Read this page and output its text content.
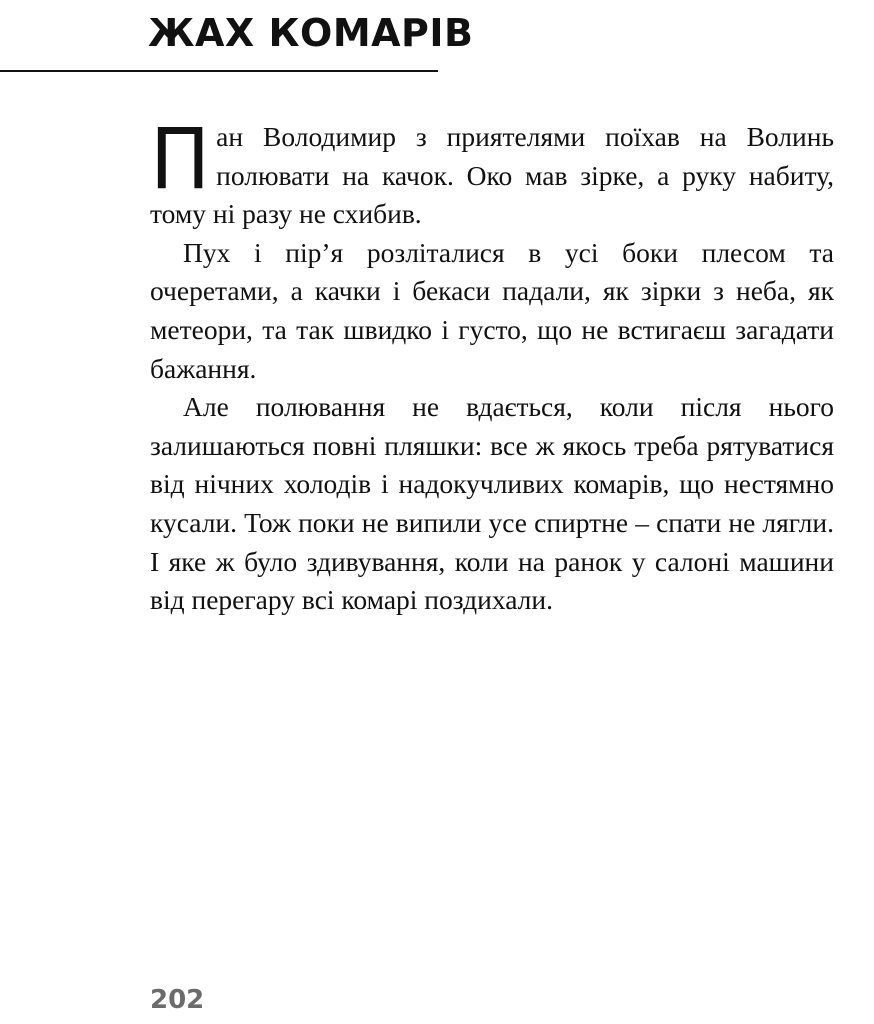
ЖАХ КОМАРІВ

Пан Володимир з приятелями поїхав на Волинь полювати на качок. Око мав зірке, а руку набиту, тому ні разу не схибив.

Пух і пір’я розліталися в усі боки плесом та очеретами, а качки і бекаси падали, як зірки з неба, як метеори, та так швидко і густо, що не встигаєш загадати бажання.

Але полювання не вдається, коли після нього залишаються повні пляшки: все ж якось треба рятуватися від нічних холодів і надокучливих комарів, що нестямно кусали. Тож поки не випили усе спиртне – спати не лягли. І яке ж було здивування, коли на ранок у салоні машини від перегару всі комарі поздихали.

202
